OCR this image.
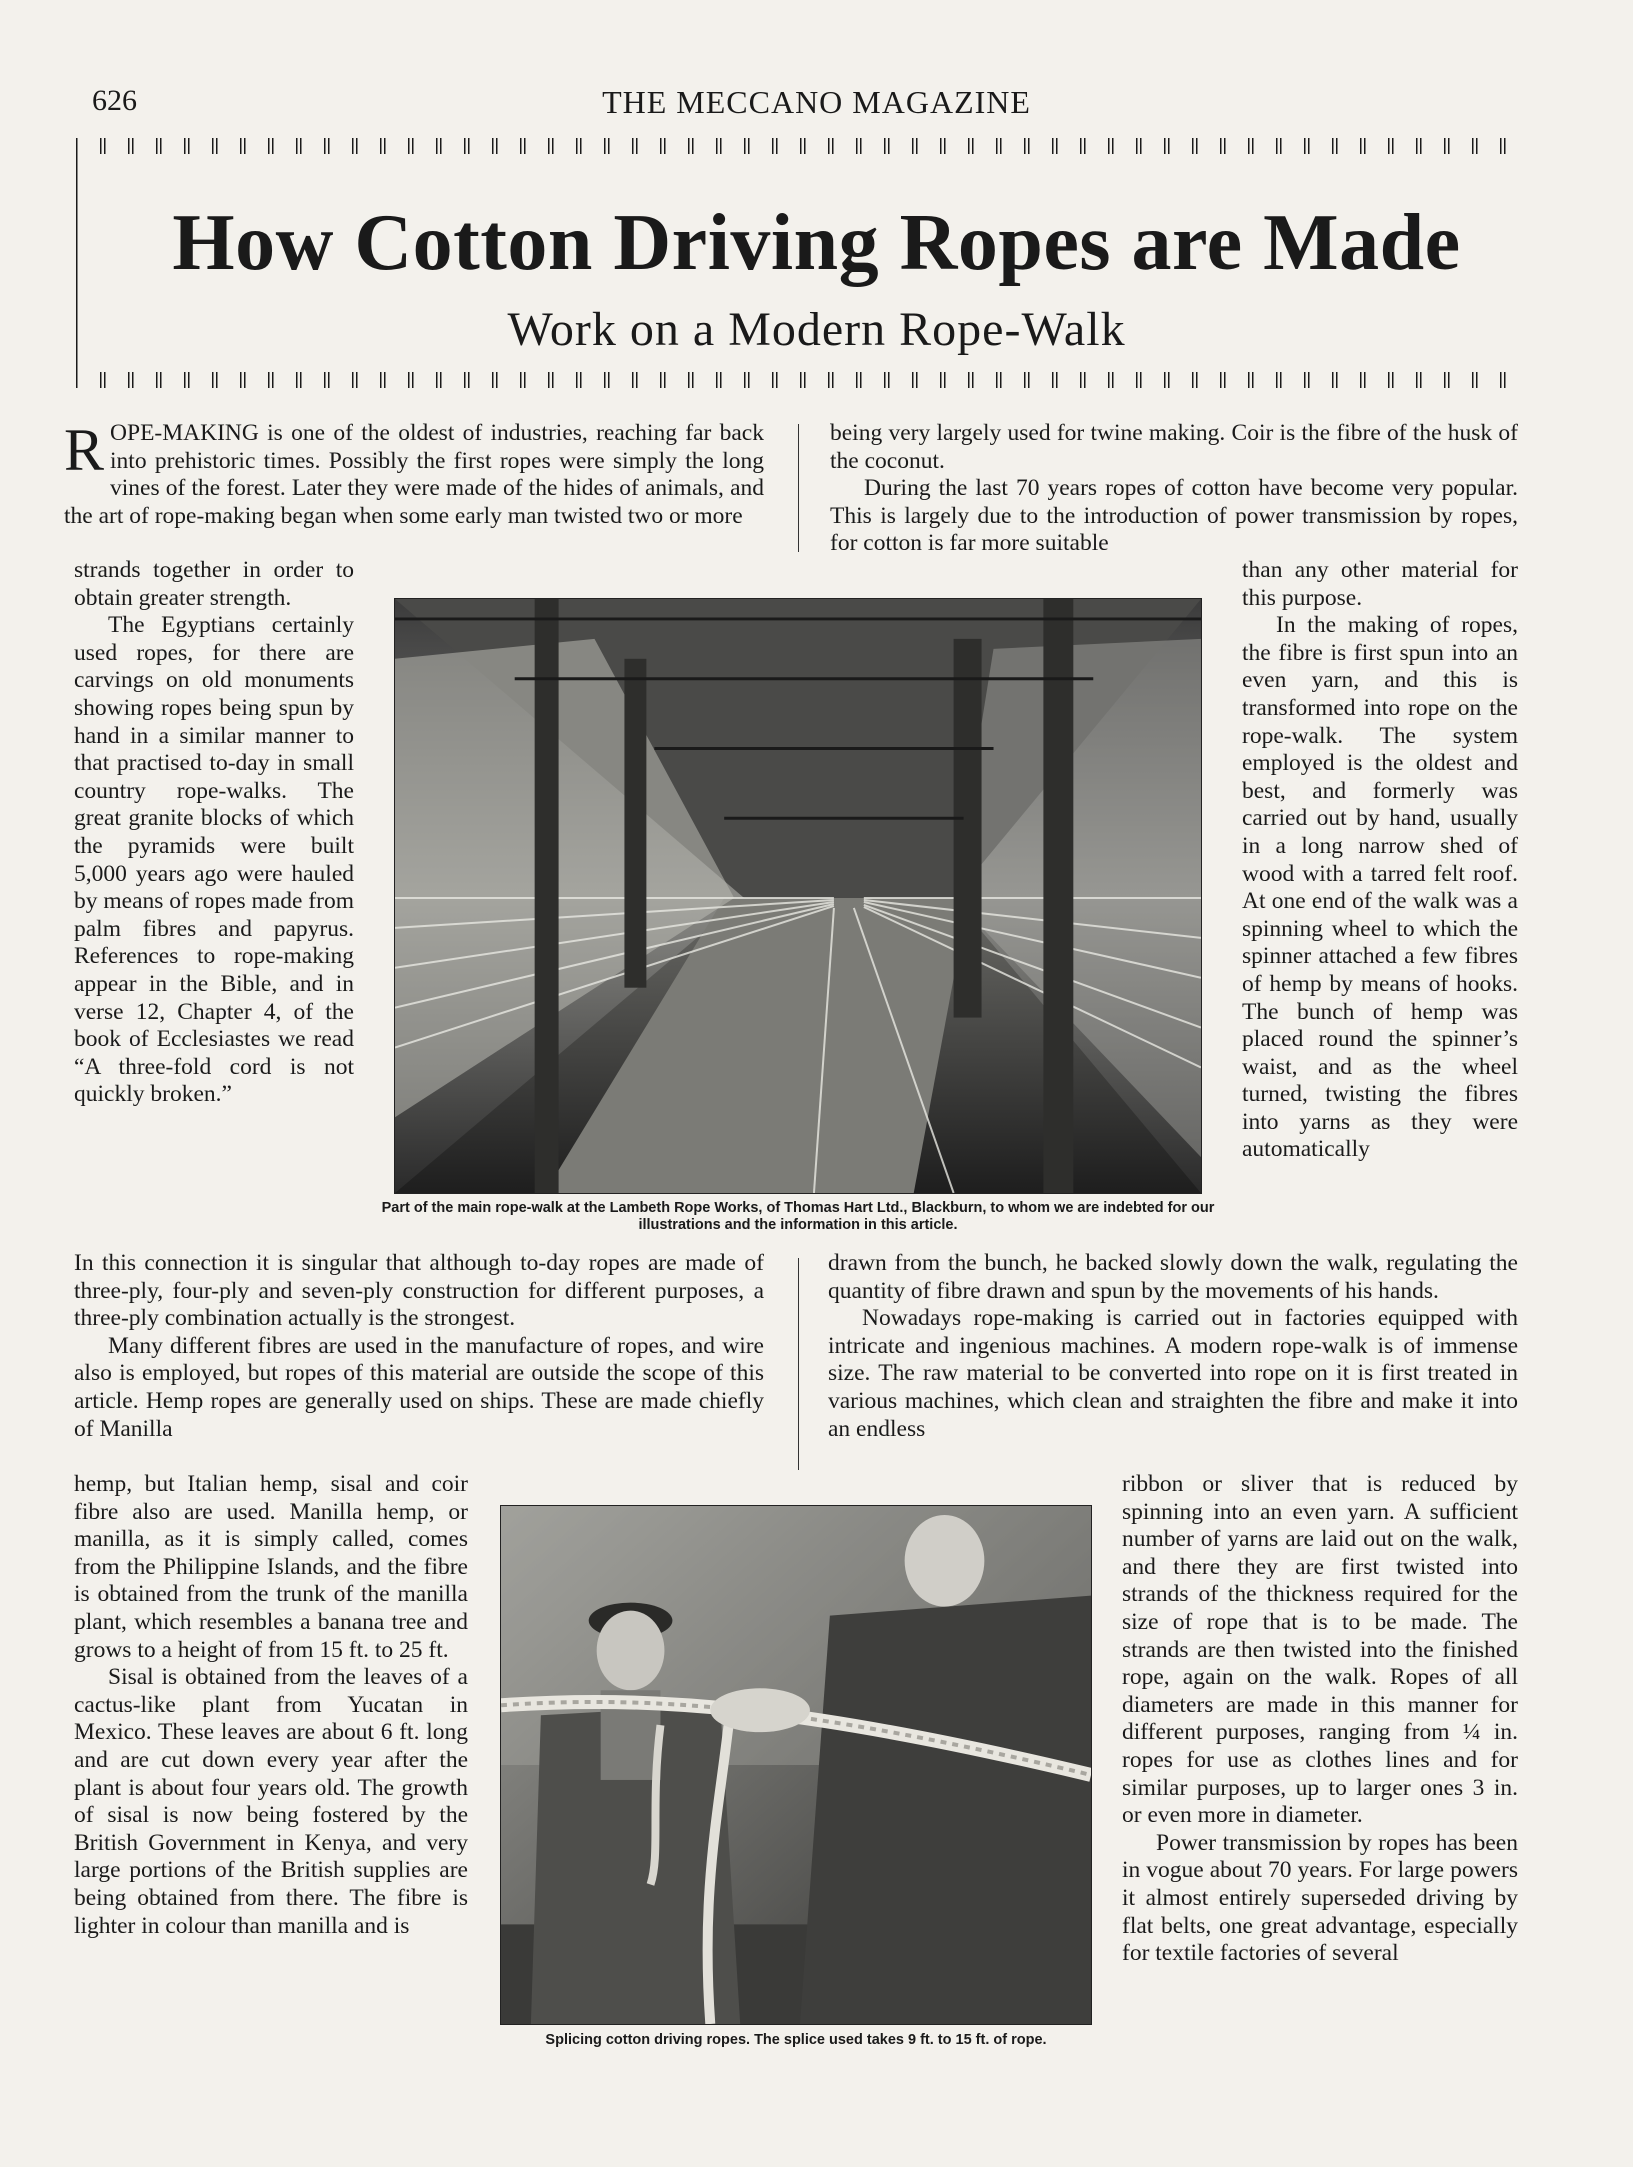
626	THE MECCANO MAGAZINE
How Cotton Driving Ropes are Made
Work on a Modern Rope-Walk

ROPE-MAKING is one of the oldest of industries, reaching far back into prehistoric times. Possibly the first ropes were simply the long vines of the forest. Later they were made of the hides of animals, and the art of rope-making began when some early man twisted two or more

being very largely used for twine making. Coir is the fibre of the husk of the coconut.

During the last 70 years ropes of cotton have become very popular. This is largely due to the introduction of power transmission by ropes, for cotton is far more suitable

strands together in order to obtain greater strength.

The Egyptians certainly used ropes, for there are carvings on old monuments showing ropes being spun by hand in a similar manner to that practised to-day in small country rope-walks. The great granite blocks of which the pyramids were built 5,000 years ago were hauled by means of ropes made from palm fibres and papyrus. References to rope-making appear in the Bible, and in verse 12, Chapter 4, of the book of Ecclesiastes we read “A three-fold cord is not quickly broken.”

Part of the main rope-walk at the Lambeth Rope Works, of Thomas Hart Ltd., Blackburn, to whom we are indebted for our illustrations and the information in this article.

than any other material for this purpose.

In the making of ropes, the fibre is first spun into an even yarn, and this is transformed into rope on the rope-walk. The system employed is the oldest and best, and formerly was carried out by hand, usually in a long narrow shed of wood with a tarred felt roof. At one end of the walk was a spinning wheel to which the spinner attached a few fibres of hemp by means of hooks. The bunch of hemp was placed round the spinner’s waist, and as the wheel turned, twisting the fibres into yarns as they were automatically

In this connection it is singular that although to-day ropes are made of three-ply, four-ply and seven-ply construction for different purposes, a three-ply combination actually is the strongest.

Many different fibres are used in the manufacture of ropes, and wire also is employed, but ropes of this material are outside the scope of this article. Hemp ropes are generally used on ships. These are made chiefly of Manilla

drawn from the bunch, he backed slowly down the walk, regulating the quantity of fibre drawn and spun by the movements of his hands.

Nowadays rope-making is carried out in factories equipped with intricate and ingenious machines. A modern rope-walk is of immense size. The raw material to be converted into rope on it is first treated in various machines, which clean and straighten the fibre and make it into an endless

hemp, but Italian hemp, sisal and coir fibre also are used. Manilla hemp, or manilla, as it is simply called, comes from the Philippine Islands, and the fibre is obtained from the trunk of the manilla plant, which resembles a banana tree and grows to a height of from 15 ft. to 25 ft.

Sisal is obtained from the leaves of a cactus-like plant from Yucatan in Mexico. These leaves are about 6 ft. long and are cut down every year after the plant is about four years old. The growth of sisal is now being fostered by the British Government in Kenya, and very large portions of the British supplies are being obtained from there. The fibre is lighter in colour than manilla and is

Splicing cotton driving ropes. The splice used takes 9 ft. to 15 ft. of rope.

ribbon or sliver that is reduced by spinning into an even yarn. A sufficient number of yarns are laid out on the walk, and there they are first twisted into strands of the thickness required for the size of rope that is to be made. The strands are then twisted into the finished rope, again on the walk. Ropes of all diameters are made in this manner for different purposes, ranging from ¼ in. ropes for use as clothes lines and for similar purposes, up to larger ones 3 in. or even more in diameter.

Power transmission by ropes has been in vogue about 70 years. For large powers it almost entirely superseded driving by flat belts, one great advantage, especially for textile factories of several
